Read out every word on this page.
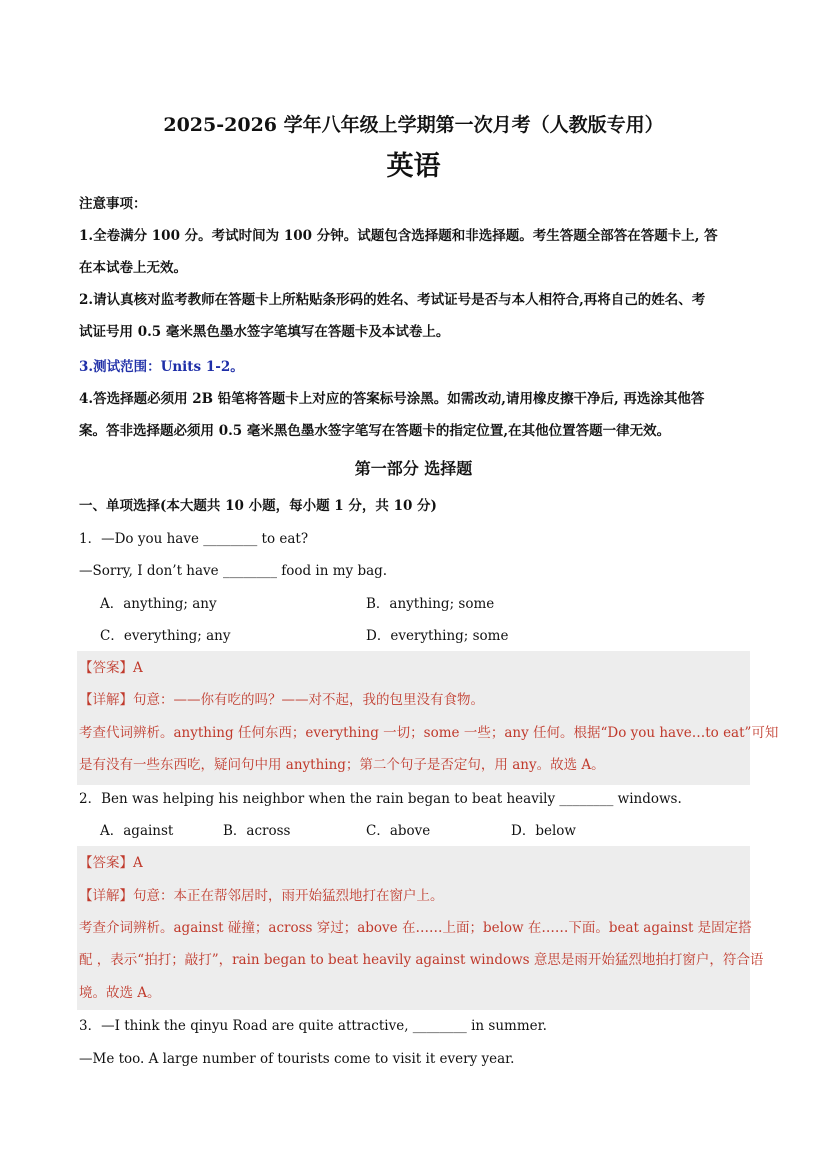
2025-2026 学年八年级上学期第一次月考（人教版专用）
英语
注意事项：
1.全卷满分 100 分。考试时间为 100 分钟。试题包含选择题和非选择题。考生答题全部答在答题卡上, 答
在本试卷上无效。
2.请认真核对监考教师在答题卡上所粘贴条形码的姓名、考试证号是否与本人相符合,再将自己的姓名、考
试证号用 0.5 毫米黑色墨水签字笔填写在答题卡及本试卷上。
3.测试范围：Units 1-2。
4.答选择题必须用 2B 铅笔将答题卡上对应的答案标号涂黑。如需改动,请用橡皮擦干净后, 再选涂其他答
案。答非选择题必须用 0.5 毫米黑色墨水签字笔写在答题卡的指定位置,在其他位置答题一律无效。
第一部分 选择题
一、单项选择(本大题共 10 小题，每小题 1 分，共 10 分)
1．—Do you have ________ to eat?
—Sorry, I don’t have ________ food in my bag.
A．anything; any	B．anything; some
C．everything; any	D．everything; some
【答案】A
【详解】句意：——你有吃的吗？——对不起，我的包里没有食物。
考查代词辨析。anything 任何东西；everything 一切；some 一些；any 任何。根据“Do you have…to eat”可知
是有没有一些东西吃，疑问句中用 anything；第二个句子是否定句，用 any。故选 A。
2．Ben was helping his neighbor when the rain began to beat heavily ________ windows.
A．against	B．across	C．above	D．below
【答案】A
【详解】句意：本正在帮邻居时，雨开始猛烈地打在窗户上。
考查介词辨析。against 碰撞；across 穿过；above 在……上面；below 在……下面。beat against 是固定搭
配 ，表示“拍打；敲打”，rain began to beat heavily against windows 意思是雨开始猛烈地拍打窗户，符合语
境。故选 A。
3．—I think the qinyu Road are quite attractive, ________ in summer.
—Me too. A large number of tourists come to visit it every year.
